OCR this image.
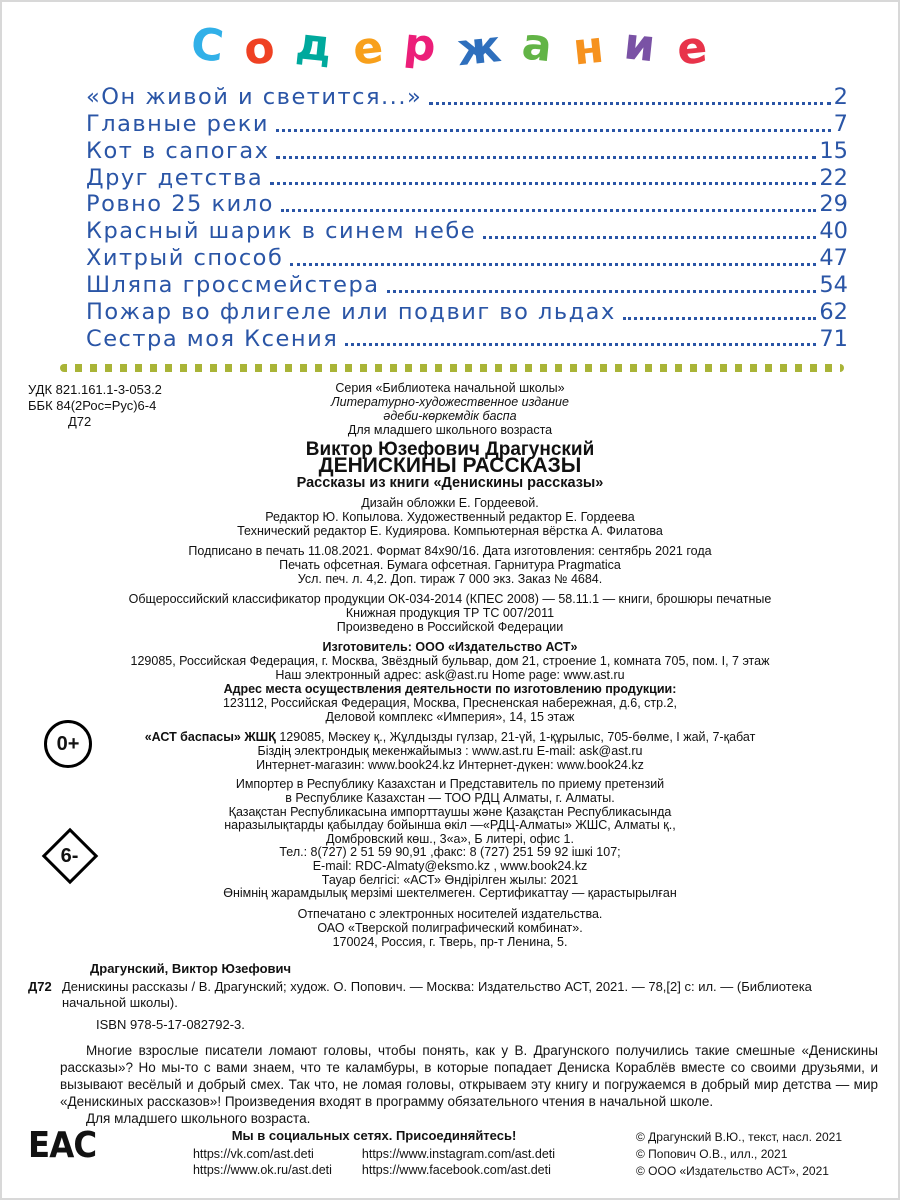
С о д е р ж а н и е
«Он живой и светится...»	2
Главные реки	7
Кот в сапогах	15
Друг детства	22
Ровно 25 кило	29
Красный шарик в синем небе	40
Хитрый способ	47
Шляпа гроссмейстера	54
Пожар во флигеле или подвиг во льдах	62
Сестра моя Ксения	71
УДК 821.161.1-3-053.2
ББК 84(2Рос=Рус)6-4
Д72
Серия «Библиотека начальной школы»
Литературно-художественное издание
әдеби-көркемдік баспа
Для младшего школьного возраста
Виктор Юзефович Драгунский
ДЕНИСКИНЫ РАССКАЗЫ
Рассказы из книги «Денискины рассказы»
Дизайн обложки Е. Гордеевой.
Редактор Ю. Копылова. Художественный редактор Е. Гордеева
Технический редактор Е. Кудиярова. Компьютерная вёрстка А. Филатова
Подписано в печать 11.08.2021. Формат 84x90/16. Дата изготовления: сентябрь 2021 года
Печать офсетная. Бумага офсетная. Гарнитура Pragmatica
Усл. печ. л. 4,2. Доп. тираж 7 000 экз. Заказ № 4684.
Общероссийский классификатор продукции ОК-034-2014 (КПЕС 2008) — 58.11.1 — книги, брошюры печатные
Книжная продукция ТР ТС 007/2011
Произведено в Российской Федерации
Изготовитель: ООО «Издательство АСТ»
129085, Российская Федерация, г. Москва, Звёздный бульвар, дом 21, строение 1, комната 705, пом. I, 7 этаж
Наш электронный адрес: ask@ast.ru Home page: www.ast.ru
Адрес места осуществления деятельности по изготовлению продукции:
123112, Российская Федерация, Москва, Пресненская набережная, д.6, стр.2,
Деловой комплекс «Империя», 14, 15 этаж
«АСТ баспасы» ЖШҚ 129085, Мәскеу қ., Жұлдызды гүлзар, 21-үй, 1-құрылыс, 705-бөлме, I жай, 7-қабат
Біздің электрондық мекенжайымыз : www.ast.ru E-mail: ask@ast.ru
Интернет-магазин: www.book24.kz Интернет-дүкен: www.book24.kz
Импортер в Республику Казахстан и Представитель по приему претензий
в Республике Казахстан — ТОО РДЦ Алматы, г. Алматы.
Қазақстан Республикасына импорттаушы және Қазақстан Республикасында
наразылықтарды қабылдау бойынша өкіл —«РДЦ-Алматы» ЖШС, Алматы қ.,
Домбровский көш., 3«а», Б литері, офис 1.
Тел.: 8(727) 2 51 59 90,91 ,факс: 8 (727) 251 59 92 ішкі 107;
E-mail: RDC-Almaty@eksmo.kz , www.book24.kz
Тауар белгісі: «АСТ» Өндірілген жылы: 2021
Өнімнің жарамдылық мерзімі шектелмеген. Сертификаттау — қарастырылған
Отпечатано с электронных носителей издательства.
ОАО «Тверской полиграфический комбинат».
170024, Россия, г. Тверь, пр-т Ленина, 5.
0+
6-
Драгунский, Виктор Юзефович
Д72 Денискины рассказы / В. Драгунский; худож. О. Попович. — Москва: Издательство АСТ, 2021. — 78,[2] с: ил. — (Библиотека начальной школы).
ISBN 978-5-17-082792-3.

Многие взрослые писатели ломают головы, чтобы понять, как у В. Драгунского получились такие смешные «Денискины рассказы»? Но мы-то с вами знаем, что те каламбуры, в которые попадает Дениска Кораблёв вместе со своими друзьями, и вызывают весёлый и добрый смех. Так что, не ломая головы, открываем эту книгу и погружаемся в добрый мир детства — мир «Денискиных рассказов»! Произведения входят в программу обязательного чтения в начальной школе.

Для младшего школьного возраста.

ЕАС	Мы в социальных сетях. Присоединяйтесь!
https://vk.com/ast.deti	https://www.instagram.com/ast.deti
https://www.ok.ru/ast.deti https://www.facebook.com/ast.deti
© Драгунский В.Ю., текст, насл. 2021
© Попович О.В., илл., 2021
© ООО «Издательство АСТ», 2021
